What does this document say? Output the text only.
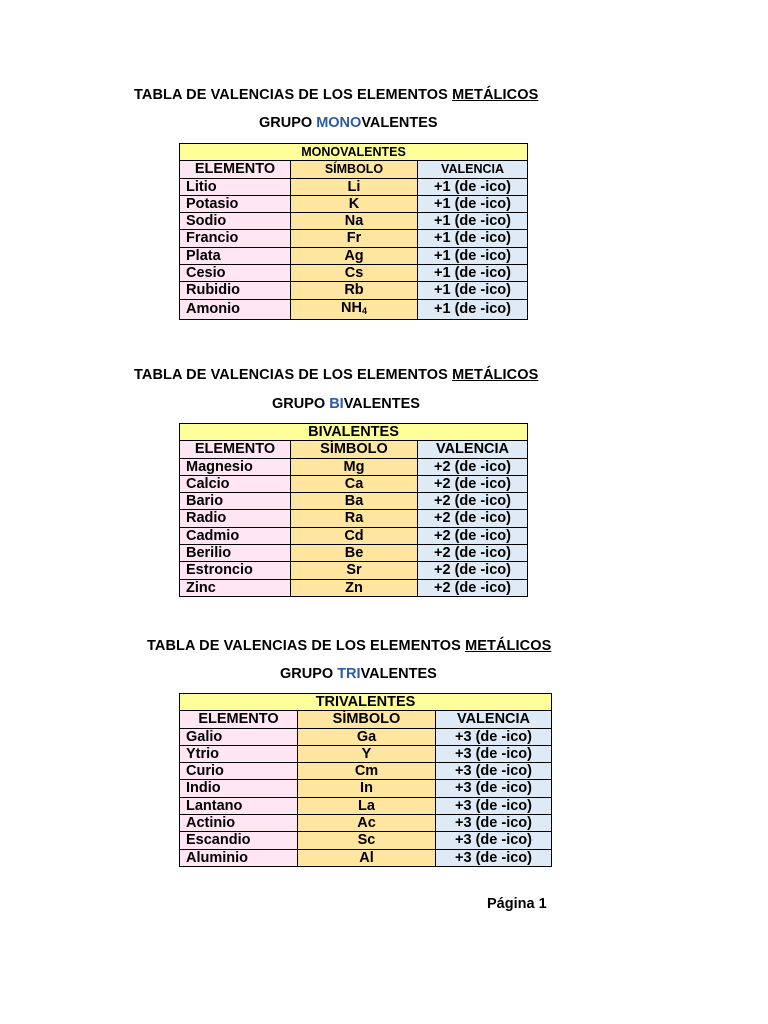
TABLA DE VALENCIAS DE LOS ELEMENTOS METÁLICOS
GRUPO MONOVALENTES
MONOVALENTES		
ELEMENTO	SÍMBOLO	VALENCIA
Litio	Li	+1 (de -ico)
Potasio	K	+1 (de -ico)
Sodio	Na	+1 (de -ico)
Francio	Fr	+1 (de -ico)
Plata	Ag	+1 (de -ico)
Cesio	Cs	+1 (de -ico)
Rubidio	Rb	+1 (de -ico)
Amonio	$NH_4$	+1 (de -ico)
TABLA DE VALENCIAS DE LOS ELEMENTOS METÁLICOS
GRUPO BIVALENTES
BIVALENTES		
ELEMENTO	SÍMBOLO	VALENCIA
Magnesio	Mg	+2 (de -ico)
Calcio	Ca	+2 (de -ico)
Bario	Ba	+2 (de -ico)
Radio	Ra	+2 (de -ico)
Cadmio	Cd	+2 (de -ico)
Berilio	Be	+2 (de -ico)
Estroncio	Sr	+2 (de -ico)
Zinc	Zn	+2 (de -ico)
TABLA DE VALENCIAS DE LOS ELEMENTOS METÁLICOS
GRUPO TRIVALENTES
TRIVALENTES		
ELEMENTO	SÍMBOLO	VALENCIA
Galio	Ga	+3 (de -ico)
Ytrio	Y	+3 (de -ico)
Curio	Cm	+3 (de -ico)
Indio	In	+3 (de -ico)
Lantano	La	+3 (de -ico)
Actinio	Ac	+3 (de -ico)
Escandio	Sc	+3 (de -ico)
Aluminio	Al	+3 (de -ico)
Página 1
